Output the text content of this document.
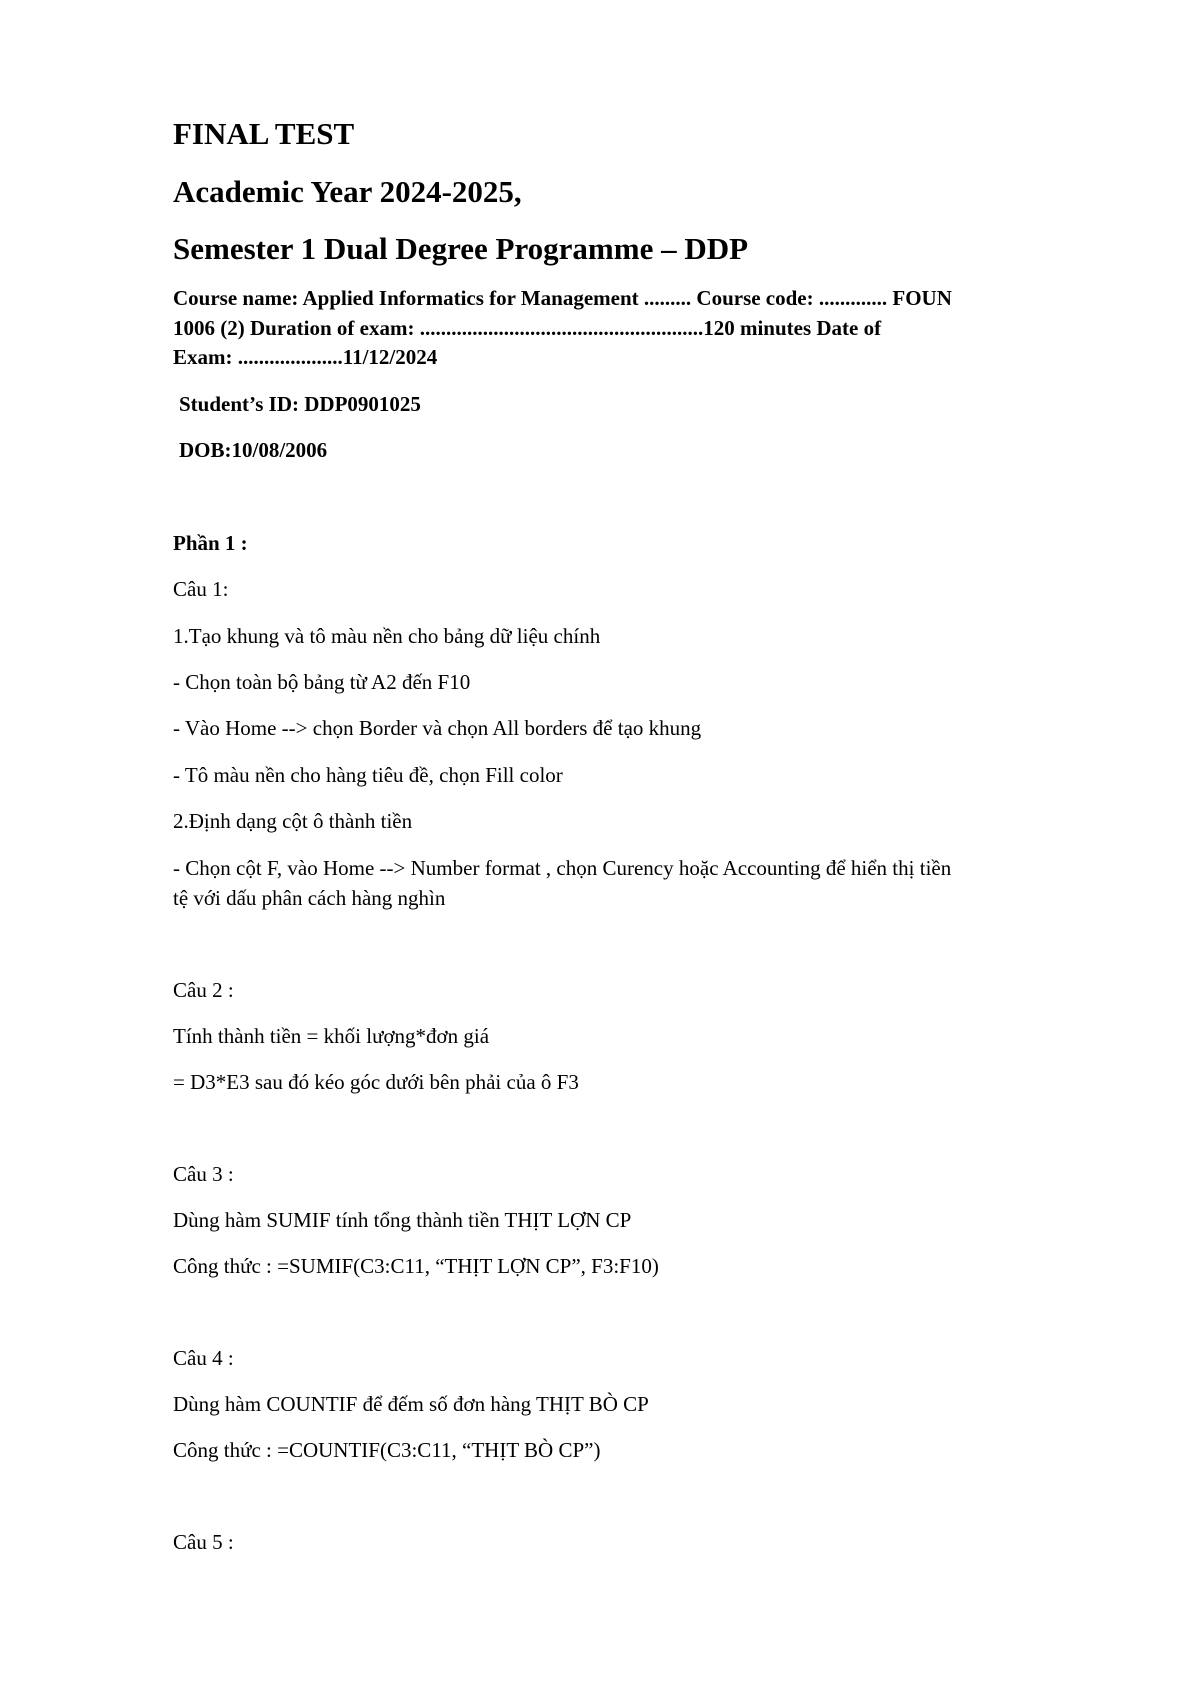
FINAL TEST
Academic Year 2024-2025,
Semester 1 Dual Degree Programme – DDP
Course name: Applied Informatics for Management ......... Course code: ............. FOUN
1006 (2) Duration of exam: ......................................................120 minutes Date of
Exam: ....................11/12/2024
Student’s ID: DDP0901025
DOB:10/08/2006
Phần 1 :
Câu 1:
1.Tạo khung và tô màu nền cho bảng dữ liệu chính
- Chọn toàn bộ bảng từ A2 đến F10
- Vào Home --> chọn Border và chọn All borders để tạo khung
- Tô màu nền cho hàng tiêu đề, chọn Fill color
2.Định dạng cột ô thành tiền
- Chọn cột F, vào Home --> Number format , chọn Curency hoặc Accounting để hiển thị tiền
tệ với dấu phân cách hàng nghìn
Câu 2 :
Tính thành tiền = khối lượng*đơn giá
= D3*E3 sau đó kéo góc dưới bên phải của ô F3
Câu 3 :
Dùng hàm SUMIF tính tổng thành tiền THỊT LỢN CP
Công thức : =SUMIF(C3:C11, “THỊT LỢN CP”, F3:F10)
Câu 4 :
Dùng hàm COUNTIF để đếm số đơn hàng THỊT BÒ CP
Công thức : =COUNTIF(C3:C11, “THỊT BÒ CP”)
Câu 5 :
